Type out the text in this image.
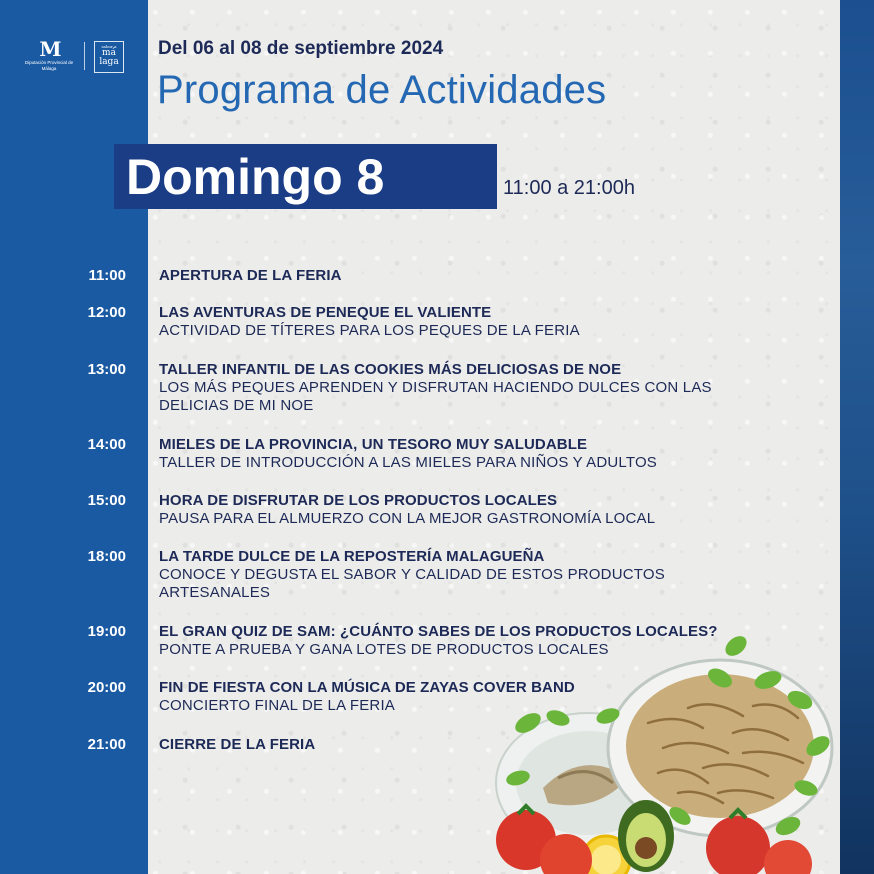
M
Diputación Provincial de Málaga
sabor a
má
laga
Del 06 al 08 de septiembre 2024
Programa de Actividades
Domingo 8	11:00 a 21:00h
11:00 APERTURA DE LA FERIA
12:00 LAS AVENTURAS DE PENEQUE EL VALIENTE
ACTIVIDAD DE TÍTERES PARA LOS PEQUES DE LA FERIA
13:00 TALLER INFANTIL DE LAS COOKIES MÁS DELICIOSAS DE NOE
LOS MÁS PEQUES APRENDEN Y DISFRUTAN HACIENDO DULCES CON LAS DELICIAS DE MI NOE
14:00 MIELES DE LA PROVINCIA, UN TESORO MUY SALUDABLE
TALLER DE INTRODUCCIÓN A LAS MIELES PARA NIÑOS Y ADULTOS
15:00 HORA DE DISFRUTAR DE LOS PRODUCTOS LOCALES
PAUSA PARA EL ALMUERZO CON LA MEJOR GASTRONOMÍA LOCAL
18:00 LA TARDE DULCE DE LA REPOSTERÍA MALAGUEÑA
CONOCE Y DEGUSTA EL SABOR Y CALIDAD DE ESTOS PRODUCTOS ARTESANALES
19:00 EL GRAN QUIZ DE SAM: ¿CUÁNTO SABES DE LOS PRODUCTOS LOCALES?
PONTE A PRUEBA Y GANA LOTES DE PRODUCTOS LOCALES
20:00 FIN DE FIESTA CON LA MÚSICA DE ZAYAS COVER BAND
CONCIERTO FINAL DE LA FERIA
21:00 CIERRE DE LA FERIA
